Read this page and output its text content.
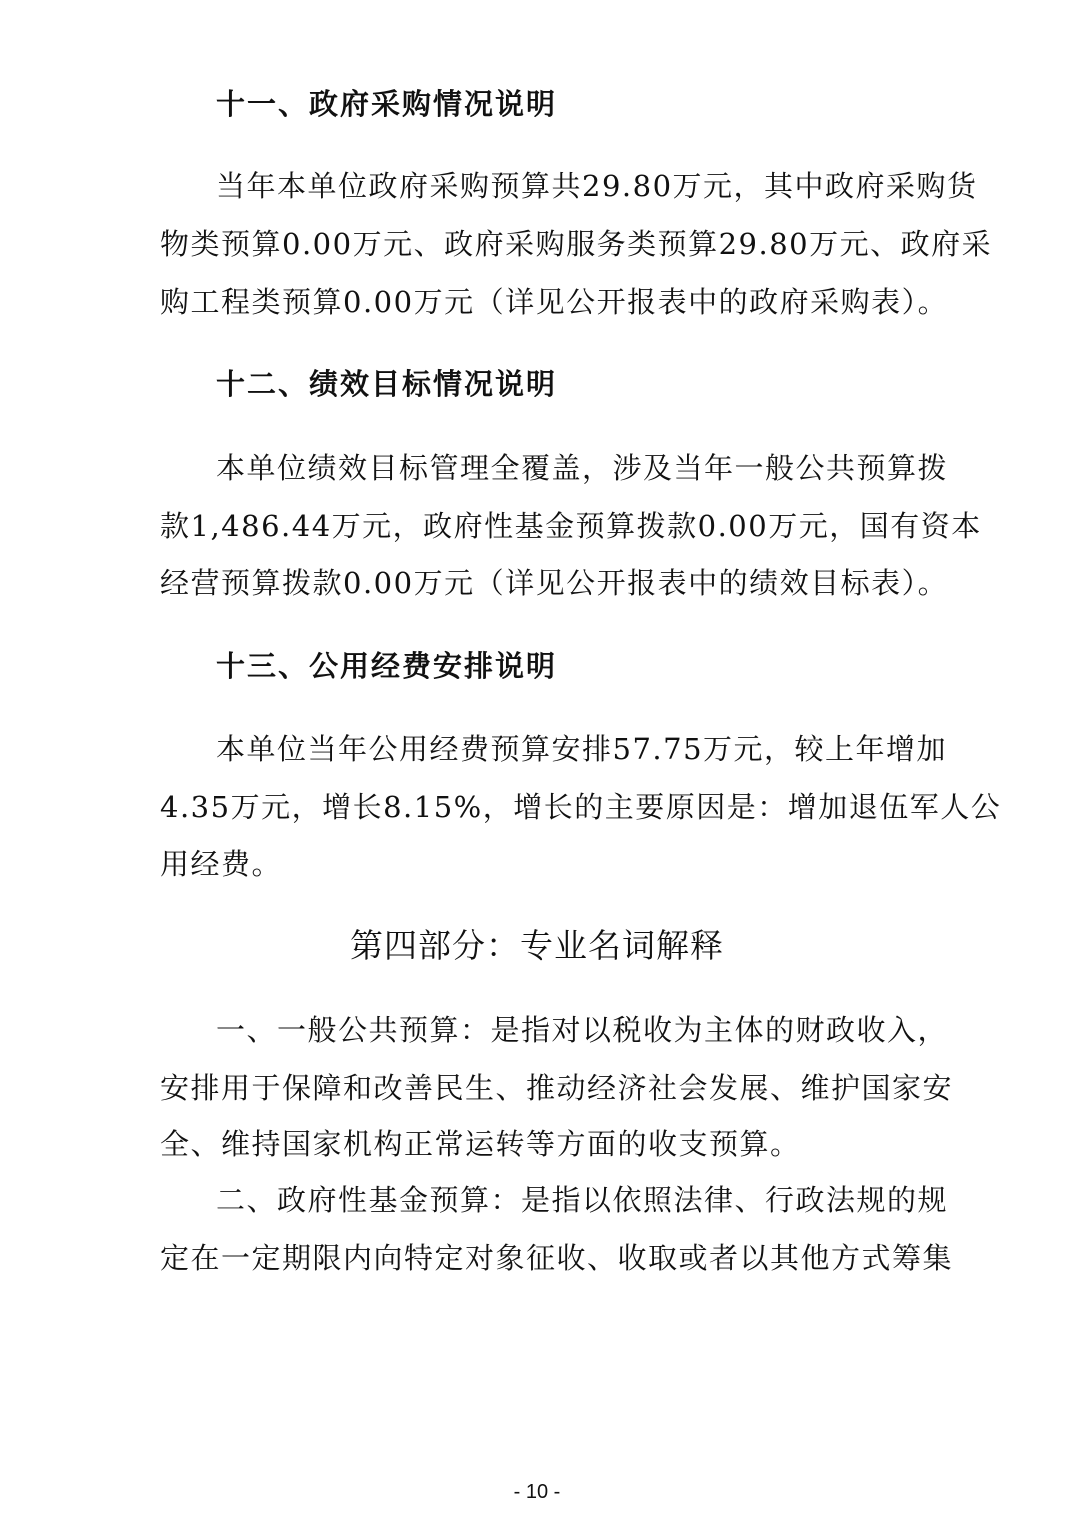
十一、政府采购情况说明
当年本单位政府采购预算共29.80万元，其中政府采购货
物类预算0.00万元、政府采购服务类预算29.80万元、政府采
购工程类预算0.00万元（详见公开报表中的政府采购表）。
十二、绩效目标情况说明
本单位绩效目标管理全覆盖，涉及当年一般公共预算拨
款1,486.44万元，政府性基金预算拨款0.00万元，国有资本
经营预算拨款0.00万元（详见公开报表中的绩效目标表）。
十三、公用经费安排说明
本单位当年公用经费预算安排57.75万元，较上年增加
4.35万元，增长8.15%，增长的主要原因是：增加退伍军人公
用经费。
第四部分：专业名词解释
一、一般公共预算：是指对以税收为主体的财政收入，
安排用于保障和改善民生、推动经济社会发展、维护国家安
全、维持国家机构正常运转等方面的收支预算。
二、政府性基金预算：是指以依照法律、行政法规的规
定在一定期限内向特定对象征收、收取或者以其他方式筹集
- 10 -
